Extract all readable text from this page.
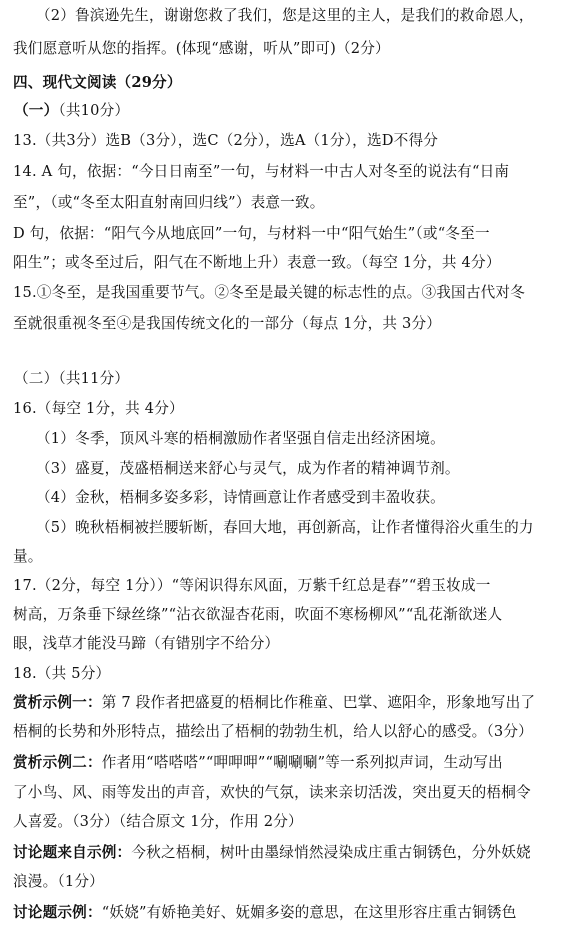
（2）鲁滨逊先生，谢谢您救了我们，您是这里的主人，是我们的救命恩人，
我们愿意听从您的指挥。(体现“感谢，听从”即可)（2分）
四、现代文阅读（29分）
（一）（共10分）
13.（共3分）选B（3分），选C（2分），选A（1分），选D不得分
14. A 句，依据：“今日日南至”一句，与材料一中古人对冬至的说法有“日南
至”，（或“冬至太阳直射南回归线”）表意一致。
D 句，依据：“阳气今从地底回”一句，与材料一中“阳气始生”（或“冬至一
阳生”；或冬至过后，阳气在不断地上升）表意一致。（每空 1分，共 4分）
15.①冬至，是我国重要节气。②冬至是最关键的标志性的点。③我国古代对冬
至就很重视冬至④是我国传统文化的一部分（每点 1分，共 3分）
（二）（共11分）
16.（每空 1分，共 4分）
（1）冬季，顶风斗寒的梧桐激励作者坚强自信走出经济困境。
（3）盛夏，茂盛梧桐送来舒心与灵气，成为作者的精神调节剂。
（4）金秋，梧桐多姿多彩，诗情画意让作者感受到丰盈收获。
（5）晚秋梧桐被拦腰斩断，春回大地，再创新高，让作者懂得浴火重生的力
量。
17.（2分，每空 1分））“等闲识得东风面，万紫千红总是春”“碧玉妆成一
树高，万条垂下绿丝绦”“沾衣欲湿杏花雨，吹面不寒杨柳风”“乱花渐欲迷人
眼，浅草才能没马蹄（有错别字不给分）
18.（共 5分）
赏析示例一：第 7 段作者把盛夏的梧桐比作稚童、巴掌、遮阳伞，形象地写出了
梧桐的长势和外形特点，描绘出了梧桐的勃勃生机，给人以舒心的感受。（3分）
赏析示例二：作者用“嗒嗒嗒”“呷呷呷”“唰唰唰”等一系列拟声词，生动写出
了小鸟、风、雨等发出的声音，欢快的气氛，读来亲切活泼，突出夏天的梧桐令
人喜爱。（3分）（结合原文 1分，作用 2分）
讨论题来自示例：今秋之梧桐，树叶由墨绿悄然浸染成庄重古铜锈色，分外妖娆
浪漫。（1分）
讨论题示例：“妖娆”有娇艳美好、妩媚多姿的意思，在这里形容庄重古铜锈色
